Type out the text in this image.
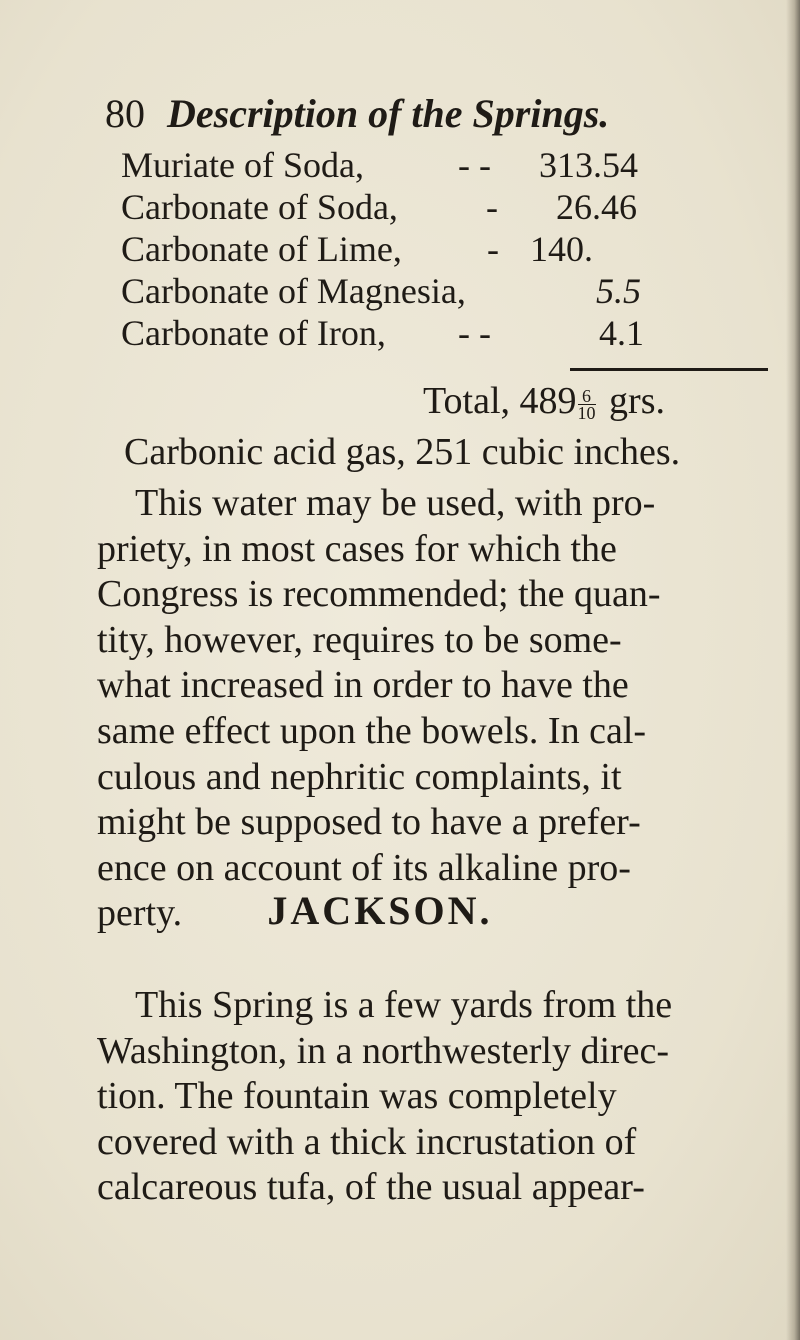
80 Description of the Springs.
Muriate of Soda,	- - 313.54
Carbonate of Soda, - 26.46
Carbonate of Lime, - 140.
Carbonate of Magnesia,	5.5
Carbonate of Iron, - -	4.1
Total, $489 \frac{6}{10}$ grs.
Carbonic acid gas, 251 cubic inches.
This water may be used, with pro-
priety, in most cases for which the
Congress is recommended; the quan-
tity, however, requires to be some-
what increased in order to have the
same effect upon the bowels. In cal-
culous and nephritic complaints, it
might be supposed to have a prefer-
ence on account of its alkaline pro-
perty.	JACKSON.
This Spring is a few yards from the
Washington, in a northwesterly direc-
tion. The fountain was completely
covered with a thick incrustation of
calcareous tufa, of the usual appear-
